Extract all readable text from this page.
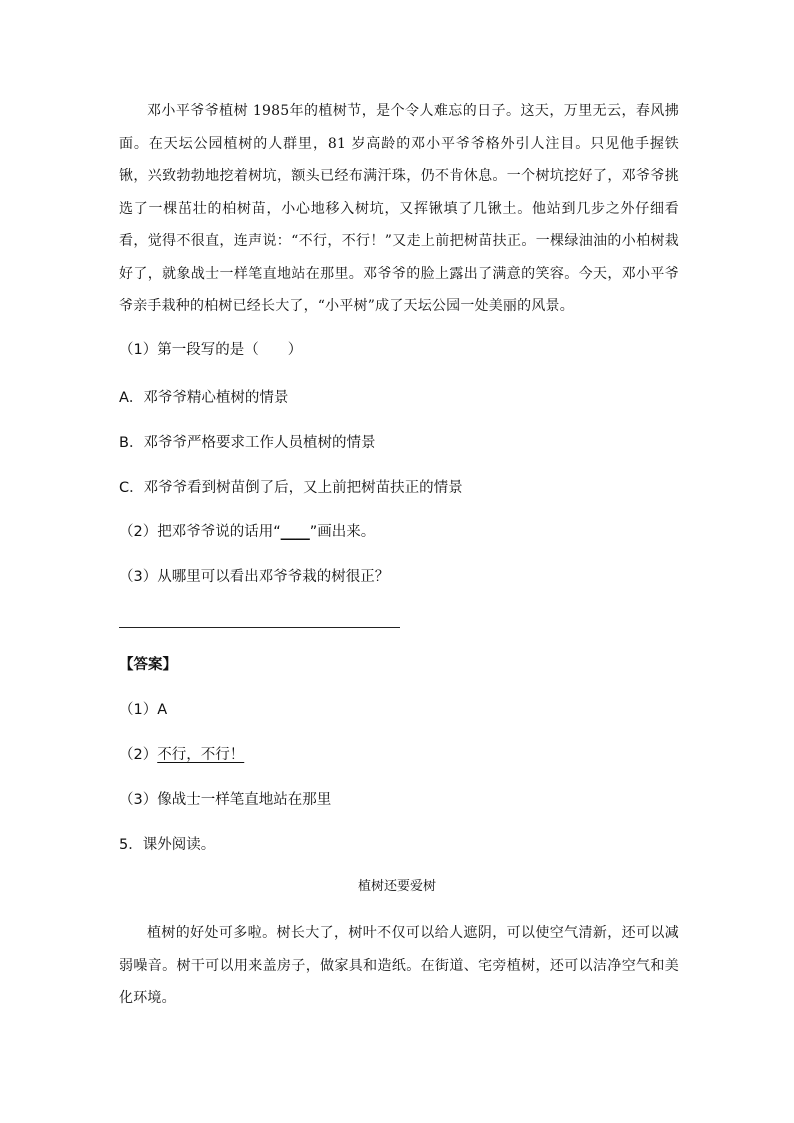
邓小平爷爷植树 1985年的植树节，是个令人难忘的日子。这天，万里无云，春风拂面。在天坛公园植树的人群里，81 岁高龄的邓小平爷爷格外引人注目。只见他手握铁锹，兴致勃勃地挖着树坑，额头已经布满汗珠，仍不肯休息。一个树坑挖好了，邓爷爷挑选了一棵茁壮的柏树苗，小心地移入树坑，又挥锹填了几锹土。他站到几步之外仔细看看，觉得不很直，连声说：“不行，不行！”又走上前把树苗扶正。一棵绿油油的小柏树栽好了，就象战士一样笔直地站在那里。邓爷爷的脸上露出了满意的笑容。今天，邓小平爷爷亲手栽种的柏树已经长大了，“小平树”成了天坛公园一处美丽的风景。

（1）第一段写的是（　　）

A．邓爷爷精心植树的情景

B．邓爷爷严格要求工作人员植树的情景

C．邓爷爷看到树苗倒了后，又上前把树苗扶正的情景

（2）把邓爷爷说的话用“____”画出来。

（3）从哪里可以看出邓爷爷栽的树很正？

【答案】

（1）A

（2）不行，不行！

（3）像战士一样笔直地站在那里

5．课外阅读。

植树还要爱树

植树的好处可多啦。树长大了，树叶不仅可以给人遮阴，可以使空气清新，还可以减弱噪音。树干可以用来盖房子，做家具和造纸。在街道、宅旁植树，还可以洁净空气和美化环境。
